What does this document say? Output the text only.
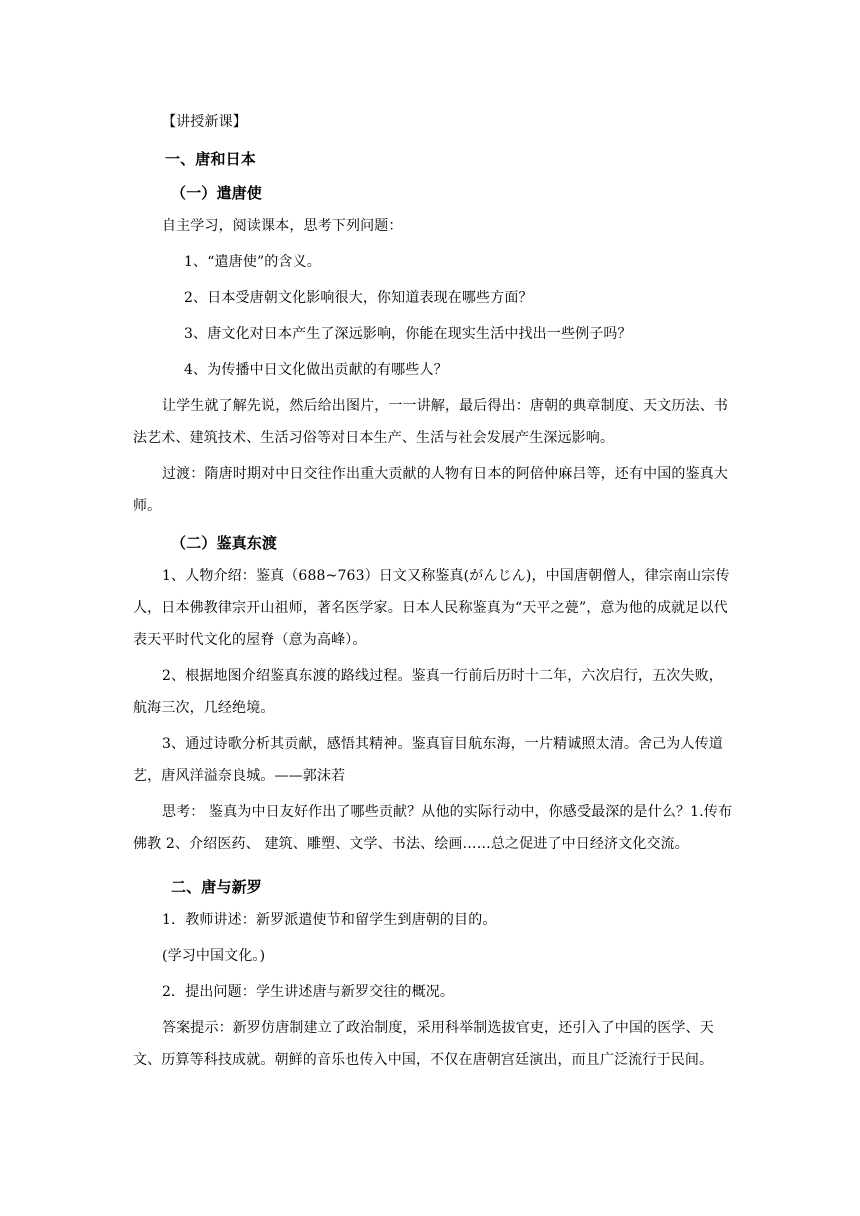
【讲授新课】

一、唐和日本

（一）遣唐使

自主学习，阅读课本，思考下列问题：

1、“遣唐使”的含义。

2、日本受唐朝文化影响很大，你知道表现在哪些方面？

3、唐文化对日本产生了深远影响，你能在现实生活中找出一些例子吗？

4、为传播中日文化做出贡献的有哪些人？

让学生就了解先说，然后给出图片，一一讲解，最后得出：唐朝的典章制度、天文历法、书法艺术、建筑技术、生活习俗等对日本生产、生活与社会发展产生深远影响。

过渡：隋唐时期对中日交往作出重大贡献的人物有日本的阿倍仲麻吕等，还有中国的鉴真大师。

（二）鉴真东渡

1、人物介绍：鉴真（688~763）日文又称鉴真(がんじん)，中国唐朝僧人，律宗南山宗传人，日本佛教律宗开山祖师，著名医学家。日本人民称鉴真为“天平之甍”，意为他的成就足以代表天平时代文化的屋脊（意为高峰）。

2、根据地图介绍鉴真东渡的路线过程。鉴真一行前后历时十二年，六次启行，五次失败，航海三次，几经绝境。

3、通过诗歌分析其贡献，感悟其精神。鉴真盲目航东海，一片精诚照太清。舍己为人传道艺，唐风洋溢奈良城。——郭沫若

思考： 鉴真为中日友好作出了哪些贡献？从他的实际行动中，你感受最深的是什么？1.传布佛教 2、介绍医药、 建筑、雕塑、文学、书法、绘画……总之促进了中日经济文化交流。

二、唐与新罗

1．教师讲述：新罗派遣使节和留学生到唐朝的目的。

(学习中国文化。)

2．提出问题：学生讲述唐与新罗交往的概况。

答案提示：新罗仿唐制建立了政治制度，采用科举制选拔官吏，还引入了中国的医学、天文、历算等科技成就。朝鲜的音乐也传入中国，不仅在唐朝宫廷演出，而且广泛流行于民间。
